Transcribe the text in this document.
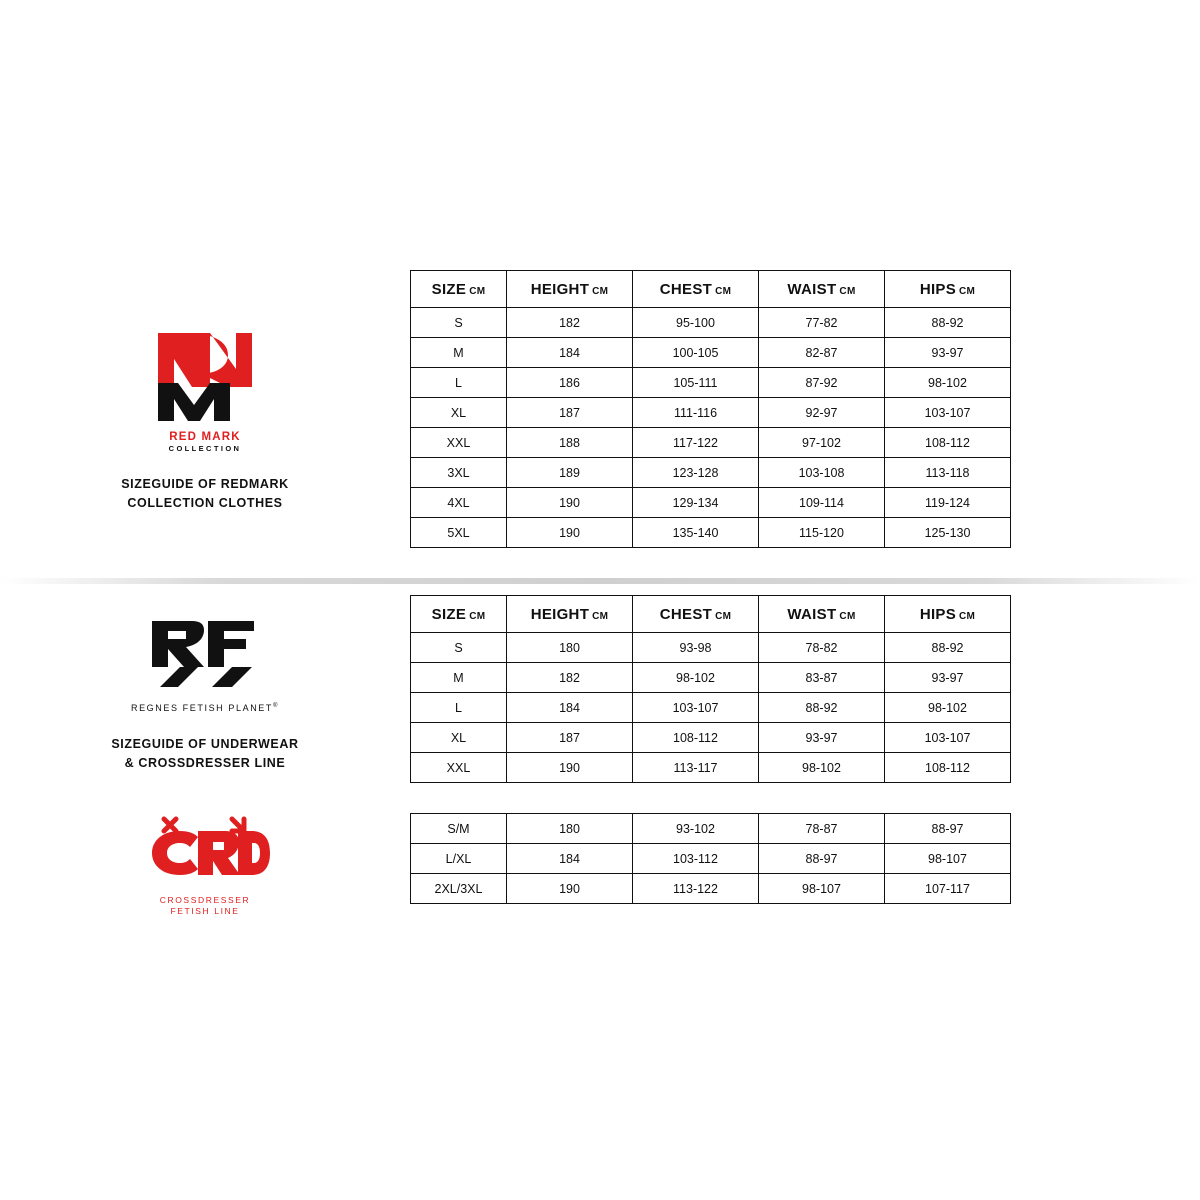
RED MARK
COLLECTION
SIZEGUIDE OF REDMARK
COLLECTION CLOTHES
SIZE CM	HEIGHT CM	CHEST CM	WAIST CM	HIPS CM

S	182	95-100	77-82	88-92
M	184	100-105	82-87	93-97
L	186	105-111	87-92	98-102
XL	187	111-116	92-97	103-107
XXL	188	117-122	97-102	108-112
3XL	189	123-128	103-108	113-118
4XL	190	129-134	109-114	119-124
5XL	190	135-140	115-120	125-130
REGNES FETISH PLANET®
SIZEGUIDE OF UNDERWEAR
& CROSSDRESSER LINE
CROSSDRESSER
FETISH LINE
SIZE CM	HEIGHT CM	CHEST CM	WAIST CM	HIPS CM

S	180	93-98	78-82	88-92
M	182	98-102	83-87	93-97
L	184	103-107	88-92	98-102
XL	187	108-112	93-97	103-107
XXL	190	113-117	98-102	108-112
S/M	180	93-102	78-87	88-97
L/XL	184	103-112	88-97	98-107
2XL/3XL	190	113-122	98-107	107-117
